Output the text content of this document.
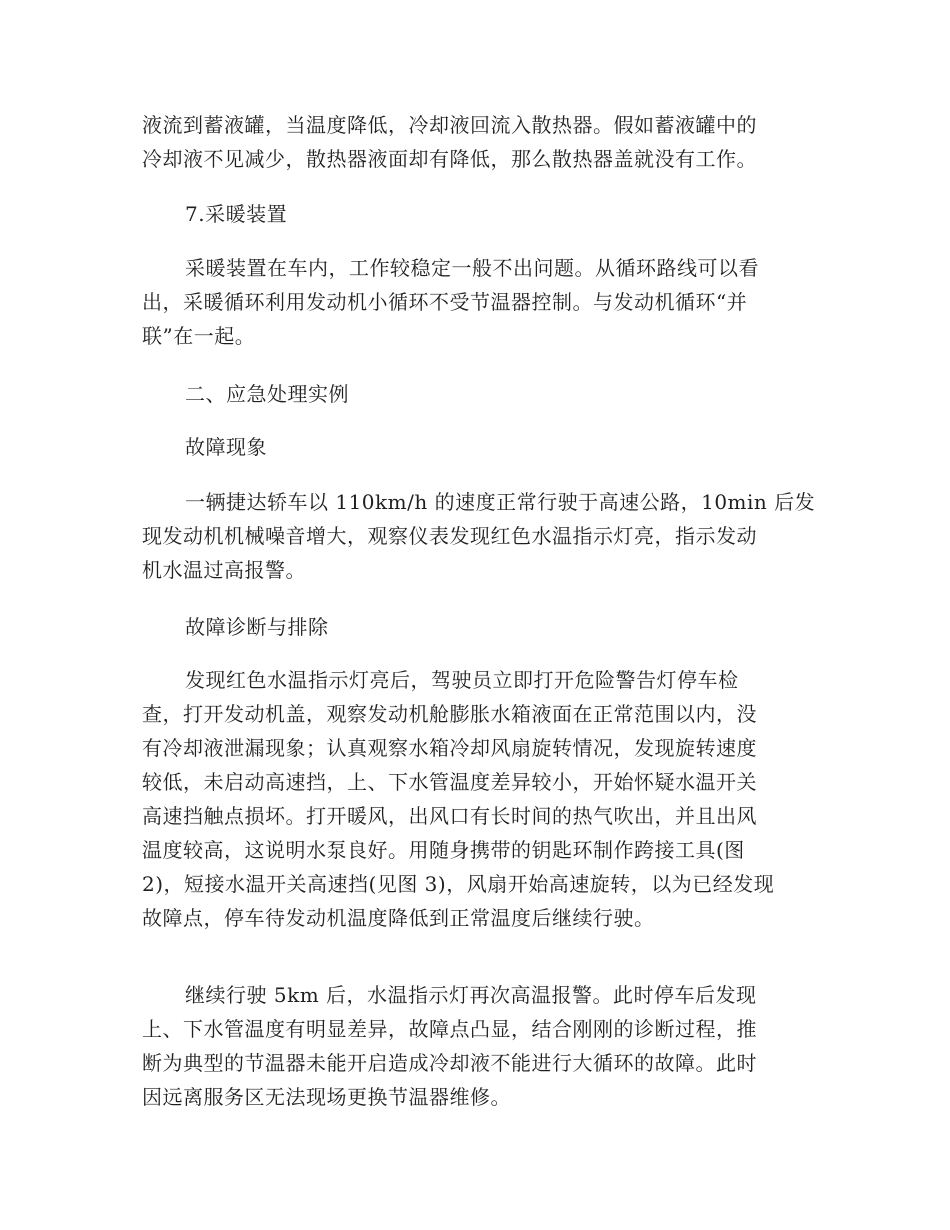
液流到蓄液罐，当温度降低，冷却液回流入散热器。假如蓄液罐中的
冷却液不见减少，散热器液面却有降低，那么散热器盖就没有工作。
7.采暖装置
采暖装置在车内，工作较稳定一般不出问题。从循环路线可以看
出，采暖循环利用发动机小循环不受节温器控制。与发动机循环“并
联”在一起。
二、应急处理实例
故障现象
一辆捷达轿车以 110km/h 的速度正常行驶于高速公路，10min 后发
现发动机机械噪音增大，观察仪表发现红色水温指示灯亮，指示发动
机水温过高报警。
故障诊断与排除
发现红色水温指示灯亮后，驾驶员立即打开危险警告灯停车检
查，打开发动机盖，观察发动机舱膨胀水箱液面在正常范围以内，没
有冷却液泄漏现象；认真观察水箱冷却风扇旋转情况，发现旋转速度
较低，未启动高速挡，上、下水管温度差异较小，开始怀疑水温开关
高速挡触点损坏。打开暖风，出风口有长时间的热气吹出，并且出风
温度较高，这说明水泵良好。用随身携带的钥匙环制作跨接工具(图
2)，短接水温开关高速挡(见图 3)，风扇开始高速旋转，以为已经发现
故障点，停车待发动机温度降低到正常温度后继续行驶。
继续行驶 5km 后，水温指示灯再次高温报警。此时停车后发现
上、下水管温度有明显差异，故障点凸显，结合刚刚的诊断过程，推
断为典型的节温器未能开启造成冷却液不能进行大循环的故障。此时
因远离服务区无法现场更换节温器维修。
